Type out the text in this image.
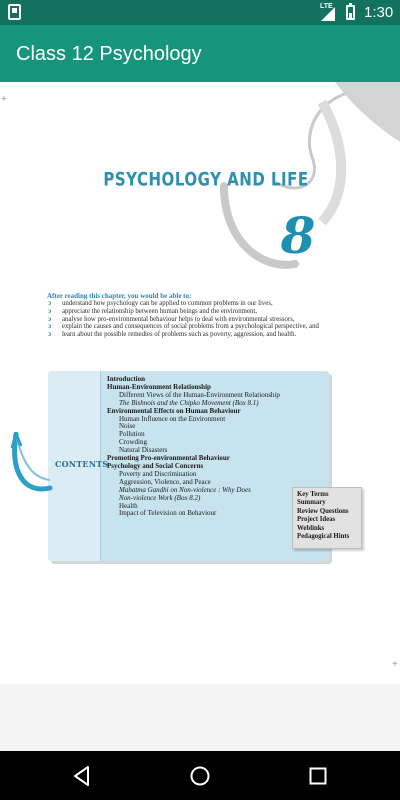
LTE 1:30
Class 12 Psychology
+
+
PSYCHOLOGY AND LIFE
8
After reading this chapter, you would be able to:
ↄ understand how psychology can be applied to common problems in our lives,
ↄ appreciate the relationship between human beings and the environment,
ↄ analyse how pro-environmental behaviour helps to deal with environmental stressors,
ↄ explain the causes and consequences of social problems from a psychological perspective, and
ↄ learn about the possible remedies of problems such as poverty, aggression, and health.
CONTENTS
Introduction
Human-Environment Relationship
Different Views of the Human-Environment Relationship
The Bishnois and the Chipko Movement (Box 8.1)
Environmental Effects on Human Behaviour
Human Influence on the Environment
Noise
Pollution
Crowding
Natural Disasters
Promoting Pro-environmental Behaviour
Psychology and Social Concerns
Poverty and Discrimination
Aggression, Violence, and Peace
Mahatma Gandhi on Non-violence : Why Does
Non-violence Work (Box 8.2)
Health
Impact of Television on Behaviour
Key Terms
Summary
Review Questions
Project Ideas
Weblinks
Pedagogical Hints
